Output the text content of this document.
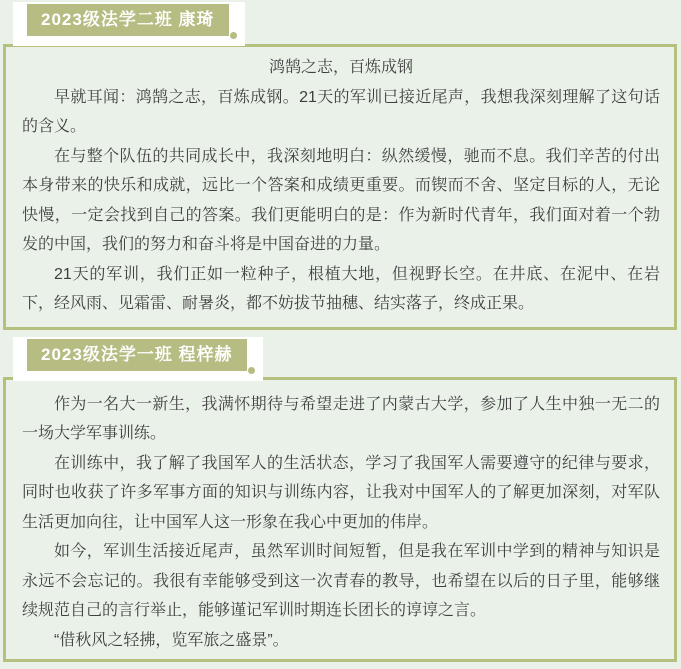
2023级法学二班 康琦

鸿鹄之志，百炼成钢

早就耳闻：鸿鹄之志，百炼成钢。21天的军训已接近尾声，我想我深刻理解了这句话的含义。

在与整个队伍的共同成长中，我深刻地明白：纵然缓慢，驰而不息。我们辛苦的付出本身带来的快乐和成就，远比一个答案和成绩更重要。而锲而不舍、坚定目标的人，无论快慢，一定会找到自己的答案。我们更能明白的是：作为新时代青年，我们面对着一个勃发的中国，我们的努力和奋斗将是中国奋进的力量。

21天的军训，我们正如一粒种子，根植大地，但视野长空。在井底、在泥中、在岩下，经风雨、见霜雷、耐暑炎，都不妨拔节抽穗、结实落子，终成正果。

2023级法学一班 程梓赫

作为一名大一新生，我满怀期待与希望走进了内蒙古大学，参加了人生中独一无二的一场大学军事训练。

在训练中，我了解了我国军人的生活状态，学习了我国军人需要遵守的纪律与要求，同时也收获了许多军事方面的知识与训练内容，让我对中国军人的了解更加深刻，对军队生活更加向往，让中国军人这一形象在我心中更加的伟岸。

如今，军训生活接近尾声，虽然军训时间短暂，但是我在军训中学到的精神与知识是永远不会忘记的。我很有幸能够受到这一次青春的教导，也希望在以后的日子里，能够继续规范自己的言行举止，能够谨记军训时期连长团长的谆谆之言。

“借秋风之轻拂，览军旅之盛景”。
